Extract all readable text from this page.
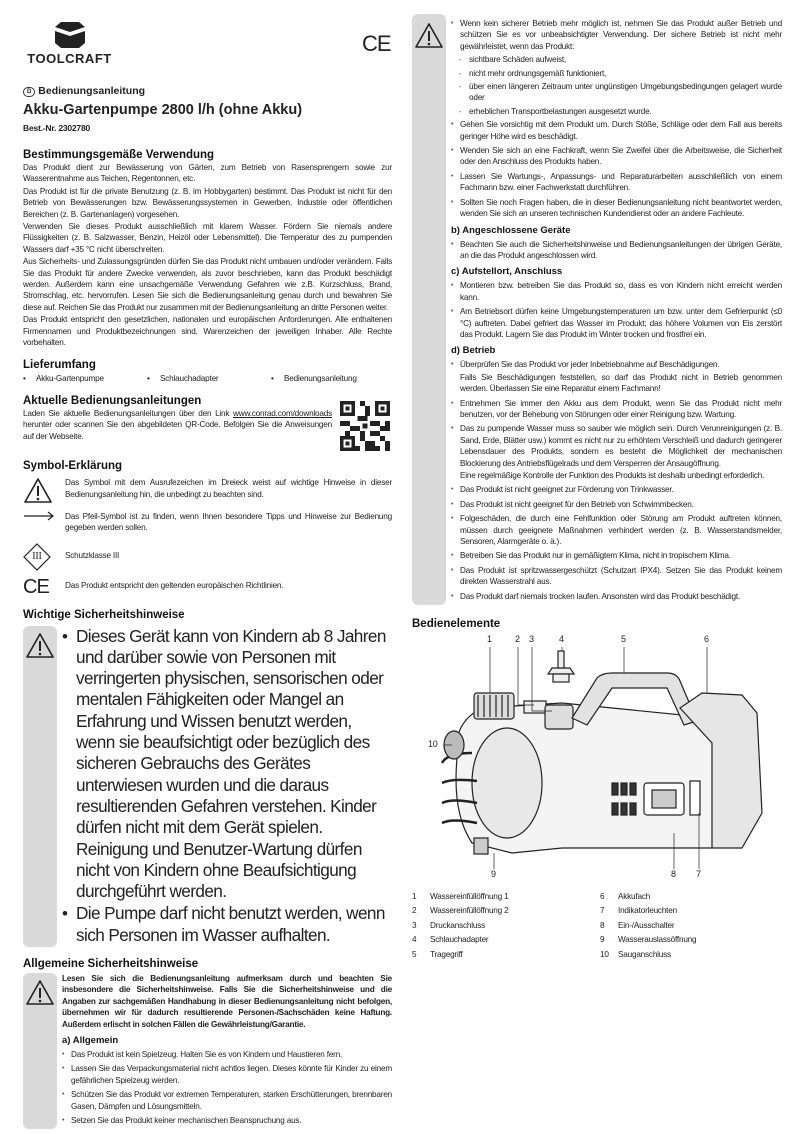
TOOLCRAFT
CE
D Bedienungsanleitung
Akku-Gartenpumpe 2800 l/h (ohne Akku)
Best.-Nr. 2302780
Bestimmungsgemäße Verwendung

Das Produkt dient zur Bewässerung von Gärten, zum Betrieb von Rasensprengern sowie zur Wasserentnahme aus Teichen, Regentonnen, etc.

Das Produkt ist für die private Benutzung (z. B. im Hobbygarten) bestimmt. Das Produkt ist nicht für den Betrieb von Bewässerungen bzw. Bewässerungssystemen in Gewerben, Industrie oder öffentlichen Bereichen (z. B. Gartenanlagen) vorgesehen.

Verwenden Sie dieses Produkt ausschließlich mit klarem Wasser. Fördern Sie niemals andere Flüssigkeiten (z. B. Salzwasser, Benzin, Heizöl oder Lebensmittel). Die Temperatur des zu pumpenden Wassers darf +35 °C nicht überschreiten.

Aus Sicherheits- und Zulassungsgründen dürfen Sie das Produkt nicht umbauen und/oder verändern. Falls Sie das Produkt für andere Zwecke verwenden, als zuvor beschrieben, kann das Produkt beschädigt werden. Außerdem kann eine unsachgemäße Verwendung Gefahren wie z.B. Kurzschluss, Brand, Stromschlag, etc. hervorrufen. Lesen Sie sich die Bedienungsanleitung genau durch und bewahren Sie diese auf. Reichen Sie das Produkt nur zusammen mit der Bedienungsanleitung an dritte Personen weiter.

Das Produkt entspricht den gesetzlichen, nationalen und europäischen Anforderungen. Alle enthaltenen Firmennamen und Produktbezeichnungen sind, Warenzeichen der jeweiligen Inhaber. Alle Rechte vorbehalten.

Lieferumfang
• Akku-Gartenpumpe	• Schlauchadapter	• Bedienungsanleitung
Aktuelle Bedienungsanleitungen

Laden Sie aktuelle Bedienungsanleitungen über den Link www.conrad.com/downloads herunter oder scannen Sie den abgebildeten QR-Code. Befolgen Sie die Anweisungen auf der Webseite.

Symbol-Erklärung

Das Symbol mit dem Ausrufezeichen im Dreieck weist auf wichtige Hinweise in dieser Bedienungsanleitung hin, die unbedingt zu beachten sind.

Das Pfeil-Symbol ist zu finden, wenn Ihnen besondere Tipps und Hinweise zur Bedienung gegeben werden sollen.

III	Schutzklasse III

CE	Das Produkt entspricht den geltenden europäischen Richtlinien.

Wichtige Sicherheitshinweise
• Dieses Gerät kann von Kindern ab 8 Jahren und darüber sowie von Personen mit verringerten physischen, sensorischen oder mentalen Fähigkeiten oder Mangel an Erfahrung und Wissen benutzt werden, wenn sie beaufsichtigt oder bezüglich des sicheren Gebrauchs des Gerätes unterwiesen wurden und die daraus resultierenden Gefahren verstehen. Kinder dürfen nicht mit dem Gerät spielen. Reinigung und Benutzer-Wartung dürfen nicht von Kindern ohne Beaufsichtigung durchgeführt werden.
• Die Pumpe darf nicht benutzt werden, wenn sich Personen im Wasser aufhalten.
Allgemeine Sicherheitshinweise

Lesen Sie sich die Bedienungsanleitung aufmerksam durch und beachten Sie insbesondere die Sicherheitshinweise. Falls Sie die Sicherheitshinweise und die Angaben zur sachgemäßen Handhabung in dieser Bedienungsanleitung nicht befolgen, übernehmen wir für dadurch resultierende Personen-/Sachschäden keine Haftung. Außerdem erlischt in solchen Fällen die Gewährleistung/Garantie.

a) Allgemein
• Das Produkt ist kein Spielzeug. Halten Sie es von Kindern und Haustieren fern.
• Lassen Sie das Verpackungsmaterial nicht achtlos liegen. Dieses könnte für Kinder zu einem gefährlichen Spielzeug werden.
• Schützen Sie das Produkt vor extremen Temperaturen, starken Erschütterungen, brennbaren Gasen, Dämpfen und Lösungsmitteln.
• Setzen Sie das Produkt keiner mechanischen Beanspruchung aus.
• Wenn kein sicherer Betrieb mehr möglich ist, nehmen Sie das Produkt außer Betrieb und schützen Sie es vor unbeabsichtigter Verwendung. Der sichere Betrieb ist nicht mehr gewährleistet, wenn das Produkt:
- sichtbare Schäden aufweist,
- nicht mehr ordnungsgemäß funktioniert,
- über einen längeren Zeitraum unter ungünstigen Umgebungsbedingungen gelagert wurde oder
- erheblichen Transportbelastungen ausgesetzt wurde.
• Gehen Sie vorsichtig mit dem Produkt um. Durch Stöße, Schläge oder dem Fall aus bereits geringer Höhe wird es beschädigt.
• Wenden Sie sich an eine Fachkraft, wenn Sie Zweifel über die Arbeitsweise, die Sicherheit oder den Anschluss des Produkts haben.
• Lassen Sie Wartungs-, Anpassungs- und Reparaturarbeiten ausschließlich von einem Fachmann bzw. einer Fachwerkstatt durchführen.
• Sollten Sie noch Fragen haben, die in dieser Bedienungsanleitung nicht beantwortet werden, wenden Sie sich an unseren technischen Kundendienst oder an andere Fachleute.
b) Angeschlossene Geräte
• Beachten Sie auch die Sicherheitshinweise und Bedienungsanleitungen der übrigen Geräte, an die das Produkt angeschlossen wird.
c) Aufstellort, Anschluss
• Montieren bzw. betreiben Sie das Produkt so, dass es von Kindern nicht erreicht werden kann.
• Am Betriebsort dürfen keine Umgebungstemperaturen um bzw. unter dem Gefrierpunkt (≤0 °C) auftreten. Dabei gefriert das Wasser im Produkt; das höhere Volumen von Eis zerstört das Produkt. Lagern Sie das Produkt im Winter trocken und frostfrei ein.
d) Betrieb
• Überprüfen Sie das Produkt vor jeder Inbetriebnahme auf Beschädigungen.
Falls Sie Beschädigungen feststellen, so darf das Produkt nicht in Betrieb genommen werden. Überlassen Sie eine Reparatur einem Fachmann!
• Entnehmen Sie immer den Akku aus dem Produkt, wenn Sie das Produkt nicht mehr benutzen, vor der Behebung von Störungen oder einer Reinigung bzw. Wartung.
• Das zu pumpende Wasser muss so sauber wie möglich sein. Durch Verunreinigungen (z. B. Sand, Erde, Blätter usw.) kommt es nicht nur zu erhöhtem Verschleiß und dadurch geringerer Lebensdauer des Produkts, sondern es besteht die Möglichkeit der mechanischen Blockierung des Antriebsflügelrads und dem Versperren der Ansaugöffnung.
Eine regelmäßige Kontrolle der Funktion des Produkts ist deshalb unbedingt erforderlich.
• Das Produkt ist nicht geeignet zur Förderung von Trinkwasser.
• Das Produkt ist nicht geeignet für den Betrieb von Schwimmbecken.
• Folgeschäden, die durch eine Fehlfunktion oder Störung am Produkt auftreten können, müssen durch geeignete Maßnahmen verhindert werden (z. B. Wasserstandsmelder, Sensoren, Alarmgeräte o. ä.).
• Betreiben Sie das Produkt nur in gemäßigtem Klima, nicht in tropischem Klima.
• Das Produkt ist spritzwassergeschützt (Schutzart IPX4). Setzen Sie das Produkt keinem direkten Wasserstrahl aus.
• Das Produkt darf niemals trocken laufen. Ansonsten wird das Produkt beschädigt.
Bedienelemente
1	2 3	4	5	6
7
8
9
10
1	Wassereinfüllöffnung 1	6	Akkufach
2	Wassereinfüllöffnung 2	7	Indikatorleuchten
3	Druckanschluss	8	Ein-/Ausschalter
4	Schlauchadapter	9	Wasserauslassöffnung
5	Tragegriff	10	Sauganschluss
